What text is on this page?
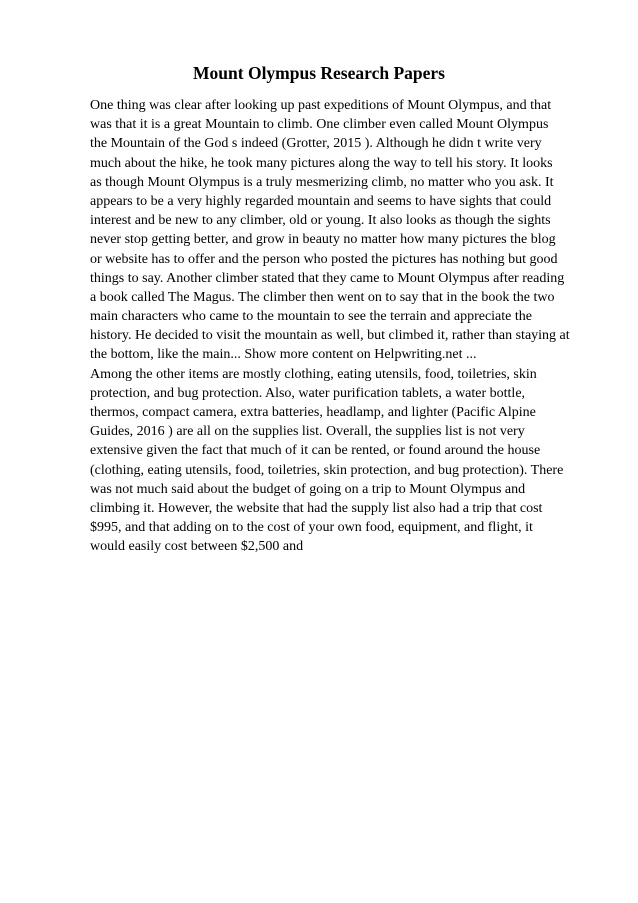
Mount Olympus Research Papers
One thing was clear after looking up past expeditions of Mount Olympus, and that
was that it is a great Mountain to climb. One climber even called Mount Olympus
the Mountain of the God s indeed (Grotter, 2015 ). Although he didn t write very
much about the hike, he took many pictures along the way to tell his story. It looks
as though Mount Olympus is a truly mesmerizing climb, no matter who you ask. It
appears to be a very highly regarded mountain and seems to have sights that could
interest and be new to any climber, old or young. It also looks as though the sights
never stop getting better, and grow in beauty no matter how many pictures the blog
or website has to offer and the person who posted the pictures has nothing but good
things to say. Another climber stated that they came to Mount Olympus after reading
a book called The Magus. The climber then went on to say that in the book the two
main characters who came to the mountain to see the terrain and appreciate the
history. He decided to visit the mountain as well, but climbed it, rather than staying at
the bottom, like the main... Show more content on Helpwriting.net ...
Among the other items are mostly clothing, eating utensils, food, toiletries, skin
protection, and bug protection. Also, water purification tablets, a water bottle,
thermos, compact camera, extra batteries, headlamp, and lighter (Pacific Alpine
Guides, 2016 ) are all on the supplies list. Overall, the supplies list is not very
extensive given the fact that much of it can be rented, or found around the house
(clothing, eating utensils, food, toiletries, skin protection, and bug protection). There
was not much said about the budget of going on a trip to Mount Olympus and
climbing it. However, the website that had the supply list also had a trip that cost
$995, and that adding on to the cost of your own food, equipment, and flight, it
would easily cost between $2,500 and
